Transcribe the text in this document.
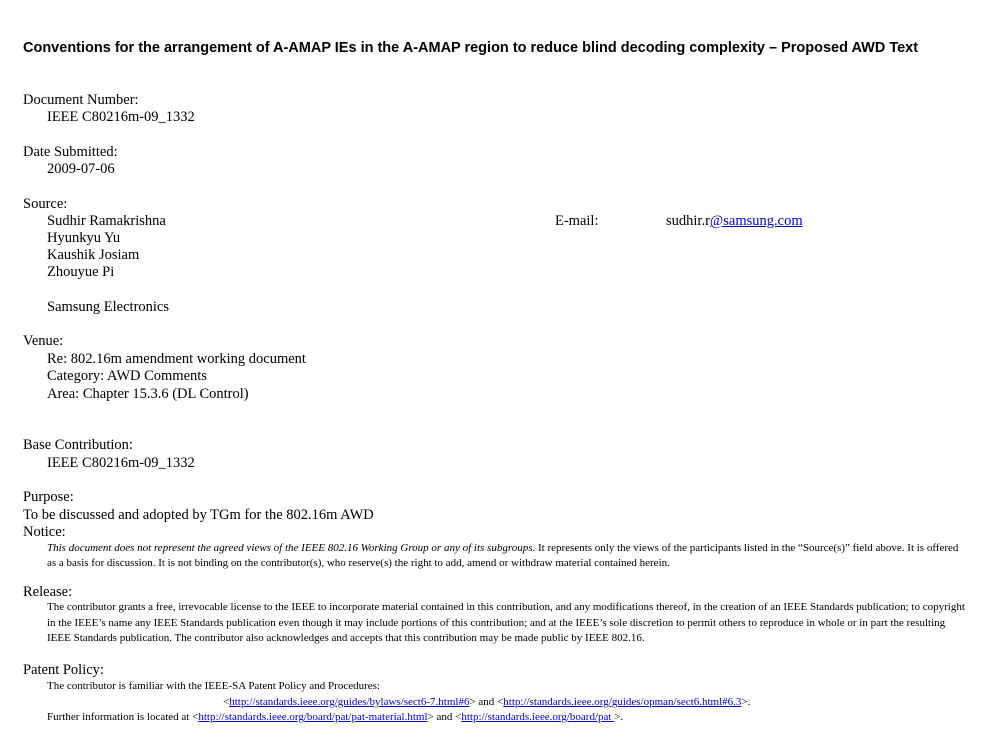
Conventions for the arrangement of A-AMAP IEs in the A-AMAP region to reduce blind decoding complexity – Proposed AWD Text
Document Number:
IEEE C80216m-09_1332
Date Submitted:
2009-07-06
Source:
Sudhir Ramakrishna	E-mail:	sudhir.r@samsung.com
Hyunkyu Yu
Kaushik Josiam
Zhouyue Pi
Samsung Electronics
Venue:
Re: 802.16m amendment working document
Category: AWD Comments
Area: Chapter 15.3.6 (DL Control)
Base Contribution:
IEEE C80216m-09_1332
Purpose:
To be discussed and adopted by TGm for the 802.16m AWD
Notice:
This document does not represent the agreed views of the IEEE 802.16 Working Group or any of its subgroups. It represents only the views of the participants listed in the “Source(s)” field above. It is offered as a basis for discussion. It is not binding on the contributor(s), who reserve(s) the right to add, amend or withdraw material contained herein.
Release:
The contributor grants a free, irrevocable license to the IEEE to incorporate material contained in this contribution, and any modifications thereof, in the creation of an IEEE Standards publication; to copyright in the IEEE’s name any IEEE Standards publication even though it may include portions of this contribution; and at the IEEE’s sole discretion to permit others to reproduce in whole or in part the resulting IEEE Standards publication. The contributor also acknowledges and accepts that this contribution may be made public by IEEE 802.16.
Patent Policy:
The contributor is familiar with the IEEE-SA Patent Policy and Procedures:
<http://standards.ieee.org/guides/bylaws/sect6-7.html#6> and <http://standards.ieee.org/guides/opman/sect6.html#6.3>.
Further information is located at <http://standards.ieee.org/board/pat/pat-material.html> and <http://standards.ieee.org/board/pat >.
